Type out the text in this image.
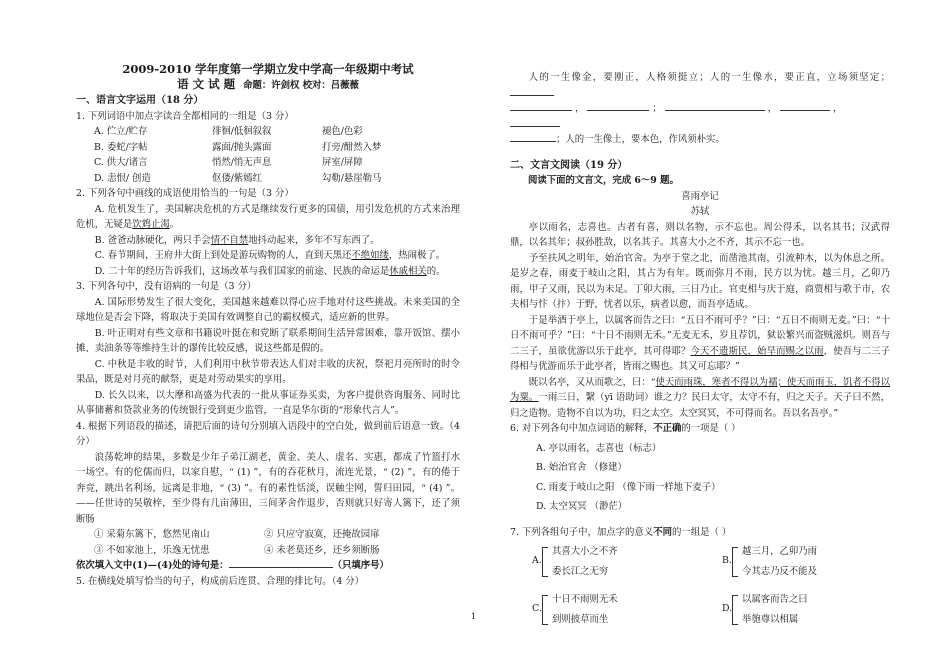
2009-2010 学年度第一学期立发中学高一年级期中考试
语 文 试 题 命题：许剑权 校对：吕薇薇
一、语言文字运用（18 分）
1. 下列词语中加点字读音全都相同的一组是（3 分）
A. 伫立/贮存	徘徊/低徊叙叙	褪色/色彩
B. 委蛇/字帖	露面/抛头露面	打旁/酣然入梦
C. 供大/诸言	悄然/悄无声息	屏室/屏障
D. 恚恨/ 创造	伛偻/紫嫣红	勾勒/悬崖勒马
2. 下列各句中画线的成语使用恰当的一句是（3 分）
A. 危机发生了，美国解决危机的方式是继续发行更多的国债，用引发危机的方式来治理危机，无疑是饮鸩止渴。
B. 爸爸动脉硬化，两只手会情不自禁地抖动起来，多年不写东西了。
C. 春节期间，王府井大街上到处是游玩购物的人，直到天黑还不绝如缕，热闹极了。
D. 二十年的经历告诉我们，这场改革与我们国家的前途、民族的命运是休戚相关的。
3. 下列各句中，没有语病的一句是（3 分）
A. 国际形势发生了很大变化，美国越来越难以得心应手地对付这些挑战。未来美国的全球地位是否会下降，将取决于美国有效调整自己的霸权模式，适应新的世界。
B. 叶正明对有些文章和书籍说叶挺在和党断了联系期间生活异常困难，靠开饭馆、摆小摊、卖油条等等维持生计的谬传比较反感，说这些都是假的。
C. 中秋是丰收的时节，人们利用中秋节带表达人们对丰收的庆祝，祭祀月亮所时的时令果品，既是对月亮的献祭，更是对劳动果实的享用。
D. 长久以来，以大摩和高盛为代表的一批从事证券买卖，为客户提供咨询服务、同时比从事储蓄和贷款业务的传统银行受到更少监管，一直是华尔街的“形象代言人”。
4. 根据下列语段的描述，请把后面的诗句分别填入语段中的空白处，做到前后语意一致。（4 分）
浪荡乾坤的结果，多数是少年子弟江湖老，黄金、美人、虚名、实惠，都成了竹篮打水一场空。有的佗儒而归，以家自慰，“ (1) ”，有的吞花秋月，流连光景，“ (2) ”，有的倦于奔竞，跳出名利场，远离是非地，“ (3) ”。有的素性恬淡，误触尘网，誓归田园，“ (4) ”。——任世诗的吴敬梓，至少得有几亩薄田，三间茅舍作退步，否则就只好寄人篱下，还了须断肠
① 采菊东篱下，悠然见南山	② 只应守寂寞，还掩故园扉
③ 不如家池上，乐逸无忧患	④ 未老莫还乡，还乡须断肠
依次填入文中(1)—(4)处的诗句是：	（只填序号）
5. 在横线处填写恰当的句子，构成前后连贯、合理的排比句。（4 分）
人的一生像金，要刚正，人格须挺立；人的一生像水，要正直，立场须坚定；
，	；	，	，
；人的一生像土，要本色，作风须朴实。
二、文言文阅读（19 分）
阅读下面的文言文，完成 6～9 题。
喜雨亭记
苏轼
亭以雨名，志喜也。古者有喜，则以名物，示不忘也。周公得禾，以名其书；汉武得鼎，以名其年；叔孙胜敌，以名其子。其喜大小之不齐，其示不忘一也。
予至扶风之明年，始治官舍。为亭于堂之北，而凿池其南，引流种木，以为休息之所。是岁之春，雨麦于岐山之阳，其占为有年。既而弥月不雨，民方以为忧。越三月，乙卯乃雨，甲子又雨，民以为未足。丁卯大雨，三日乃止。官吏相与庆于庭，商贾相与歌于市，农夫相与忭（抃）于野，忧者以乐，病者以愈，而吾亭适成。
于是举酒于亭上，以属客而告之曰：“五日不雨可乎？”曰：“五日不雨则无麦。”曰：“十日不雨可乎？”曰：“十日不雨则无禾。”无麦无禾，岁且荐饥，狱讼繁兴而盗贼滋炽。则吾与二三子，虽欲优游以乐于此亭，其可得耶？今天不遗斯民，始旱而赐之以雨，使吾与二三子得相与优游而乐于此亭者，皆雨之赐也。其又可忘耶？”
既以名亭，又从而歌之，曰：“使天而雨珠，寒者不得以为襦；使天而雨玉，饥者不得以为粟。一雨三日，繄（yī 语助词）谁之力？民曰太守，太守不有，归之天子。天子曰不然，归之造物。造物不自以为功，归之太空。太空冥冥，不可得而名。吾以名吾亭。”
6. 对下列各句中加点词语的解释，不正确的一项是（ ）
A. 亭以雨名，志喜也（标志）
B. 始治官舍 （修建）
C. 雨麦于岐山之阳 （像下雨一样地下麦子）
D. 太空冥冥 （渺茫）
7. 下列各组句子中，加点字的意义不同的一组是（ ）
A.
其喜大小之不齐
委长江之无穷
B.
越三月，乙卯乃雨
今其志乃反不能及
C.
十日不雨则无禾
到则披草而坐
D.
以属客而告之曰
举匏尊以相属
1
